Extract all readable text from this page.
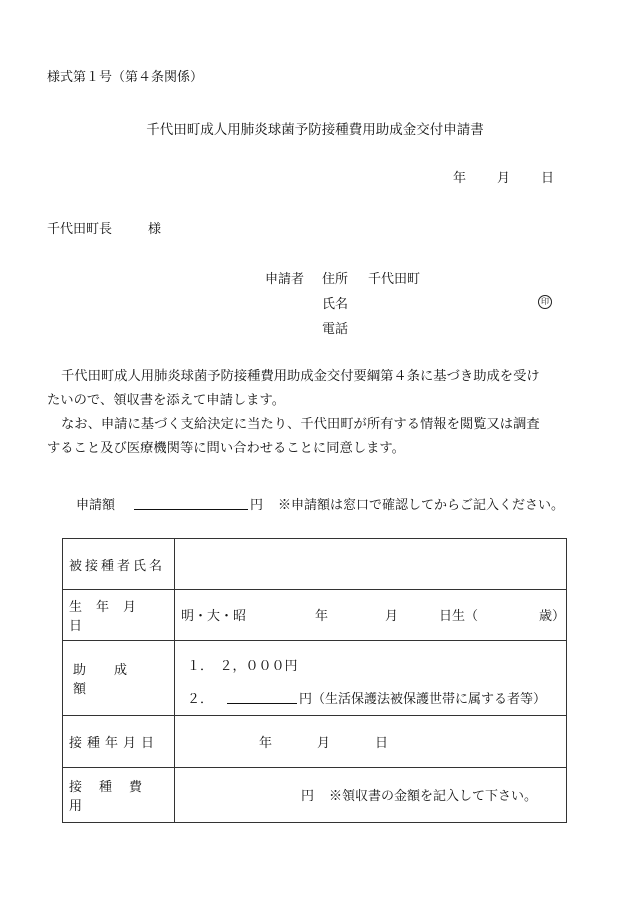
様式第１号（第４条関係）
千代田町成人用肺炎球菌予防接種費用助成金交付申請書
年 月 日
千代田町長	様
申請者 住所 千代田町
氏名	印
電話
千代田町成人用肺炎球菌予防接種費用助成金交付要綱第４条に基づき助成を受け
たいので、領収書を添えて申請します。
なお、申請に基づく支給決定に当たり、千代田町が所有する情報を閲覧又は調査
すること及び医療機関等に問い合わせることに同意します。
申請額	円 ※申請額は窓口で確認してからご記入ください。
被接種者氏名	

生年月日	明・大・昭 年 月 日生（ 歳）

助成額	１．　２，０００円
２． 円（生活保護法被保護世帯に属する者等）

接種年月日	年 月 日

接種費用	円 ※領収書の金額を記入して下さい。
